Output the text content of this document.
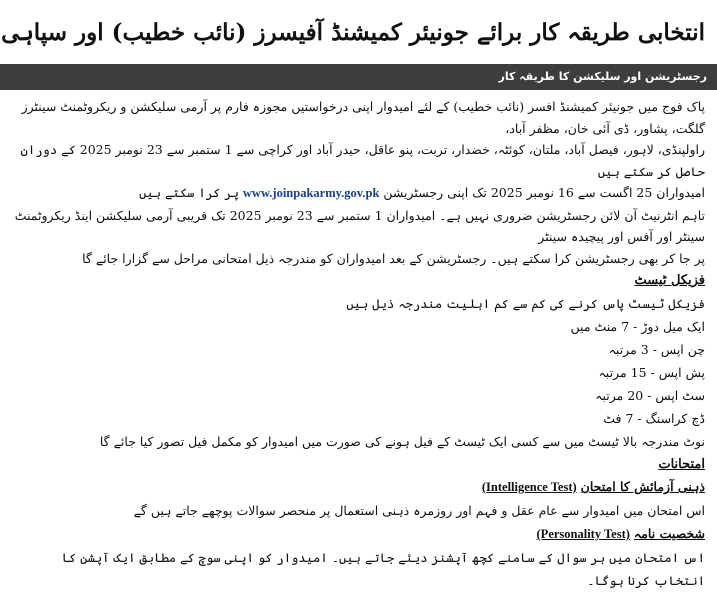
انتخابی طریقہ کار برائے جونیئر کمیشنڈ آفیسرز (نائب خطیب) اور سپاہی
رجسٹریشن اور سلیکشن کا طریقہ کار

پاک فوج میں جونیئر کمیشنڈ افسر (نائب خطیب) کے لئے امیدوار اپنی درخواستیں مجوزہ فارم پر آرمی سلیکشن و ریکروٹمنٹ سینٹرز گلگت، پشاور، ڈی آئی خان، مظفر آباد،

راولپنڈی، لاہور، فیصل آباد، ملتان، کوئٹہ، خضدار، تربت، پنو عاقل، حیدر آباد اور کراچی سے 1 ستمبر سے 23 نومبر 2025 کے دوران حاصل کر سکتے ہیں

امیدواران 25 اگست سے 16 نومبر 2025 تک اپنی رجسٹریشن www.joinpakarmy.gov.pk پر کرا سکتے ہیں

تاہم انٹرنیٹ آن لائن رجسٹریشن ضروری نہیں ہے۔ امیدواران 1 ستمبر سے 23 نومبر 2025 تک قریبی آرمی سلیکشن اینڈ ریکروٹمنٹ سینٹر اور آفس اور پیچیدہ سینٹر

پر جا کر بھی رجسٹریشن کرا سکتے ہیں۔ رجسٹریشن کے بعد امیدواران کو مندرجہ ذیل امتحانی مراحل سے گزارا جائے گا

فزیکل ٹیسٹ

فزیکل ٹیسٹ پاس کرنے کی کم سے کم اہلیت مندرجہ ذیل ہیں

ایک میل دوڑ - 7 منٹ میں

چن اپس - 3 مرتبہ

پش اپس - 15 مرتبہ

سٹ اپس - 20 مرتبہ

ڈچ کراسنگ - 7 فٹ

نوٹ مندرجہ بالا ٹیسٹ میں سے کسی ایک ٹیسٹ کے فیل ہونے کی صورت میں امیدوار کو مکمل فیل تصور کیا جائے گا

امتحانات
ذہنی آزمائش کا امتحان (Intelligence Test)

اس امتحان میں امیدوار سے عام عقل و فہم اور روزمرہ ذہنی استعمال پر منحصر سوالات پوچھے جاتے ہیں گے

شخصیت نامہ (Personality Test)

اس امتحان میں ہر سوال کے سامنے کچھ آپشنز دیئے جاتے ہیں۔ امیدوار کو اپنی سوچ کے مطابق ایک آپشن کا انتخاب کرنا ہوگا۔
